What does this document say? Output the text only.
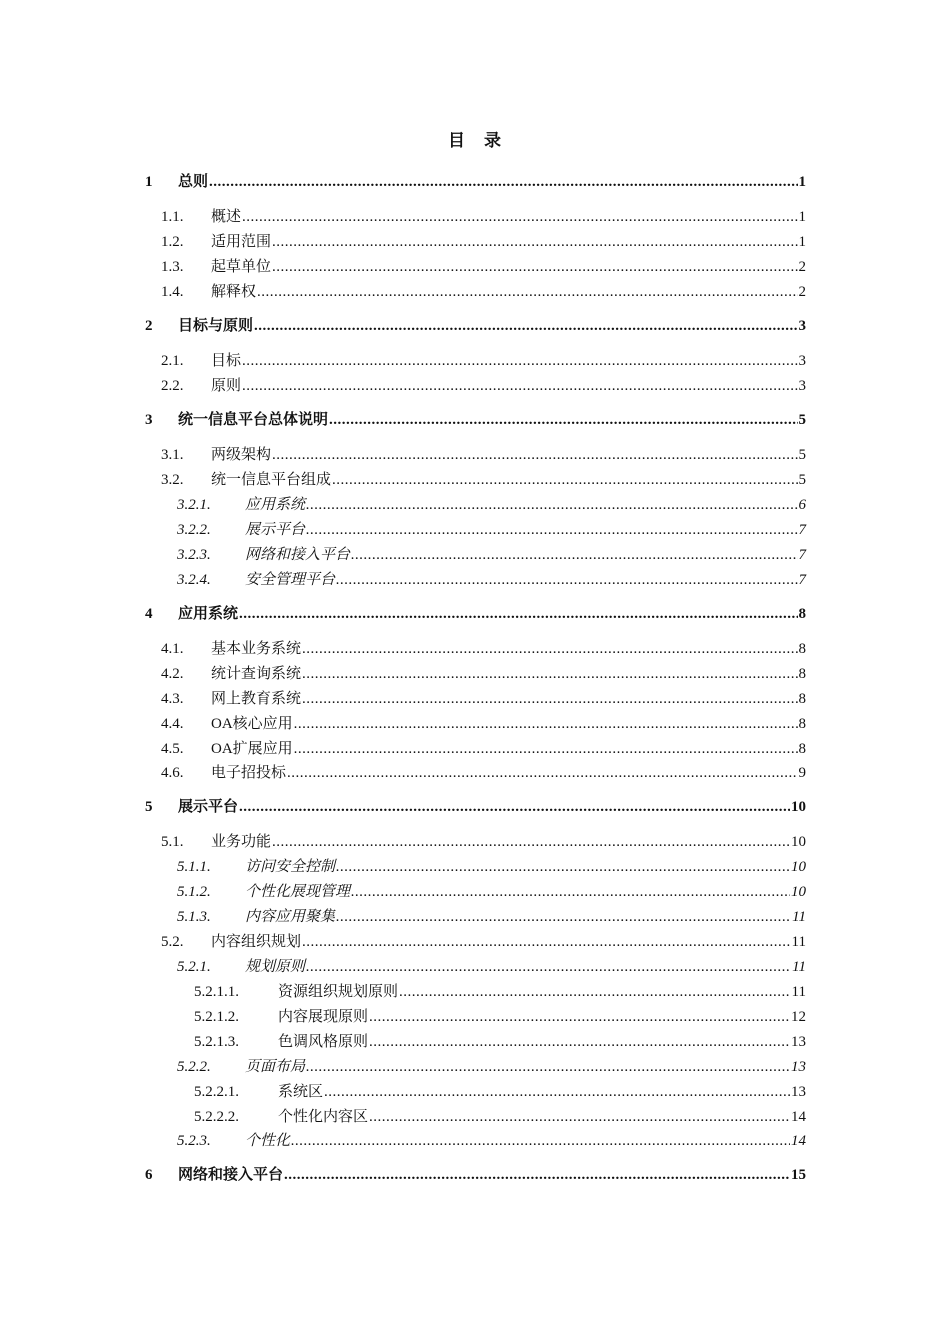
目　录
1	总则 .....	1
1.1.	概述 .....	1
1.2.	适用范围 .....	1
1.3.	起草单位 .....	2
1.4.	解释权 .....	2
2	目标与原则 .....	3
2.1.	目标 .....	3
2.2.	原则 .....	3
3	统一信息平台总体说明 .....	5
3.1.	两级架构 .....	5
3.2.	统一信息平台组成 .....	5
3.2.1.	应用系统 .....	6
3.2.2.	展示平台 .....	7
3.2.3.	网络和接入平台 .....	7
3.2.4.	安全管理平台 .....	7
4	应用系统 .....	8
4.1.	基本业务系统 .....	8
4.2.	统计查询系统 .....	8
4.3.	网上教育系统 .....	8
4.4.	OA核心应用 .....	8
4.5.	OA扩展应用 .....	8
4.6.	电子招投标 .....	9
5	展示平台 .....	10
5.1.	业务功能 .....	10
5.1.1.	访问安全控制 .....	10
5.1.2.	个性化展现管理 .....	10
5.1.3.	内容应用聚集 .....	11
5.2.	内容组织规划 .....	11
5.2.1.	规划原则 .....	11
5.2.1.1.	资源组织规划原则 .....	11
5.2.1.2.	内容展现原则 .....	12
5.2.1.3.	色调风格原则 .....	13
5.2.2.	页面布局 .....	13
5.2.2.1.	系统区 .....	13
5.2.2.2.	个性化内容区 .....	14
5.2.3.	个性化 .....	14
6	网络和接入平台 .....	15
